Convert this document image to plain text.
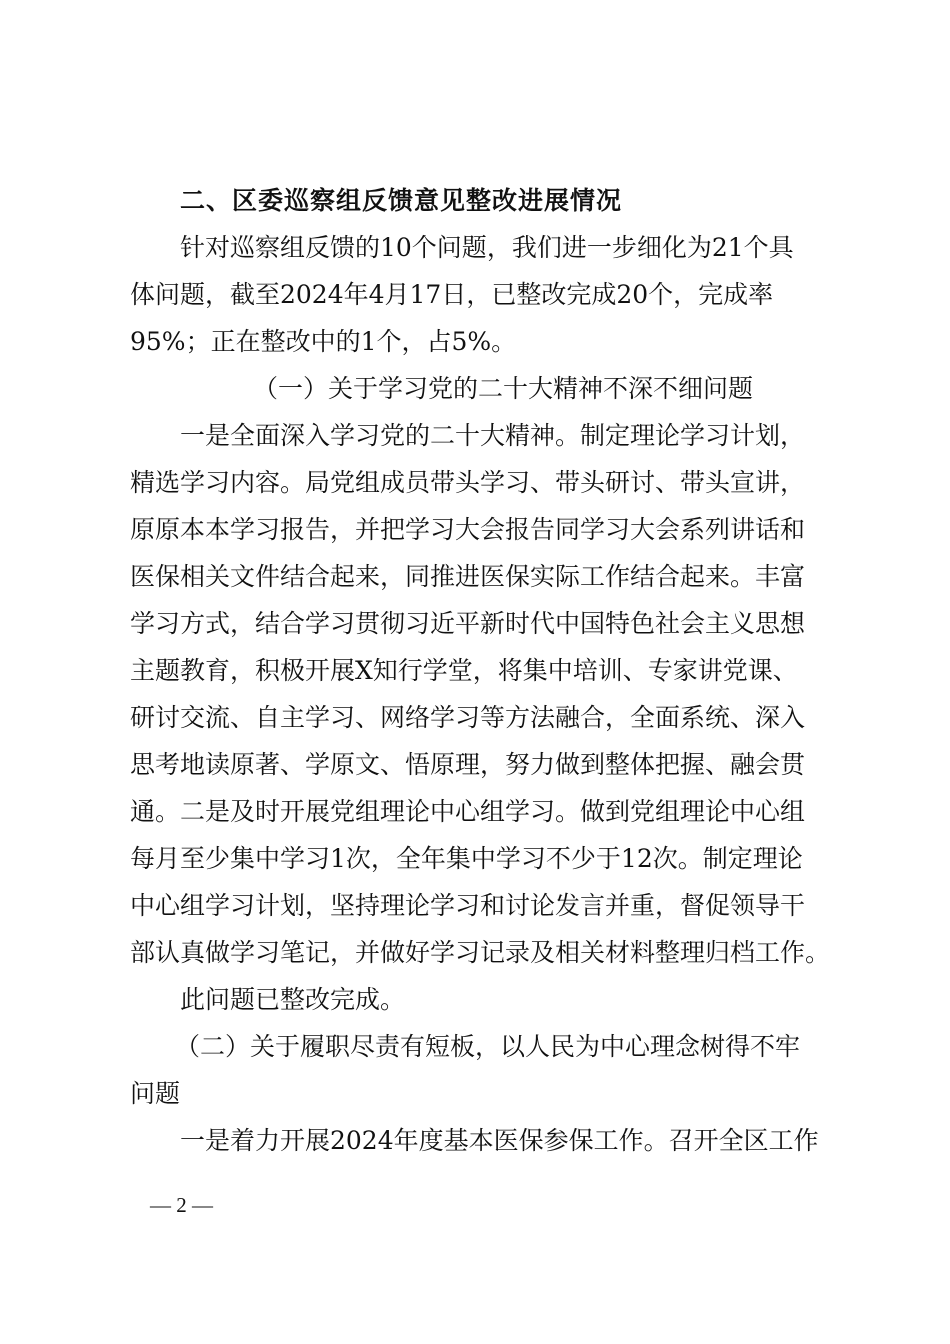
二、区委巡察组反馈意见整改进展情况
针对巡察组反馈的10个问题，我们进一步细化为21个具
体问题，截至2024年4月17日，已整改完成20个，完成率
95%；正在整改中的1个，占5%。
（一）关于学习党的二十大精神不深不细问题
一是全面深入学习党的二十大精神。制定理论学习计划，
精选学习内容。局党组成员带头学习、带头研讨、带头宣讲，
原原本本学习报告，并把学习大会报告同学习大会系列讲话和
医保相关文件结合起来，同推进医保实际工作结合起来。丰富
学习方式，结合学习贯彻习近平新时代中国特色社会主义思想
主题教育，积极开展X知行学堂，将集中培训、专家讲党课、
研讨交流、自主学习、网络学习等方法融合，全面系统、深入
思考地读原著、学原文、悟原理，努力做到整体把握、融会贯
通。二是及时开展党组理论中心组学习。做到党组理论中心组
每月至少集中学习1次，全年集中学习不少于12次。制定理论
中心组学习计划，坚持理论学习和讨论发言并重，督促领导干
部认真做学习笔记，并做好学习记录及相关材料整理归档工作。
此问题已整改完成。
（二）关于履职尽责有短板，以人民为中心理念树得不牢
问题
一是着力开展2024年度基本医保参保工作。召开全区工作
— 2 —
